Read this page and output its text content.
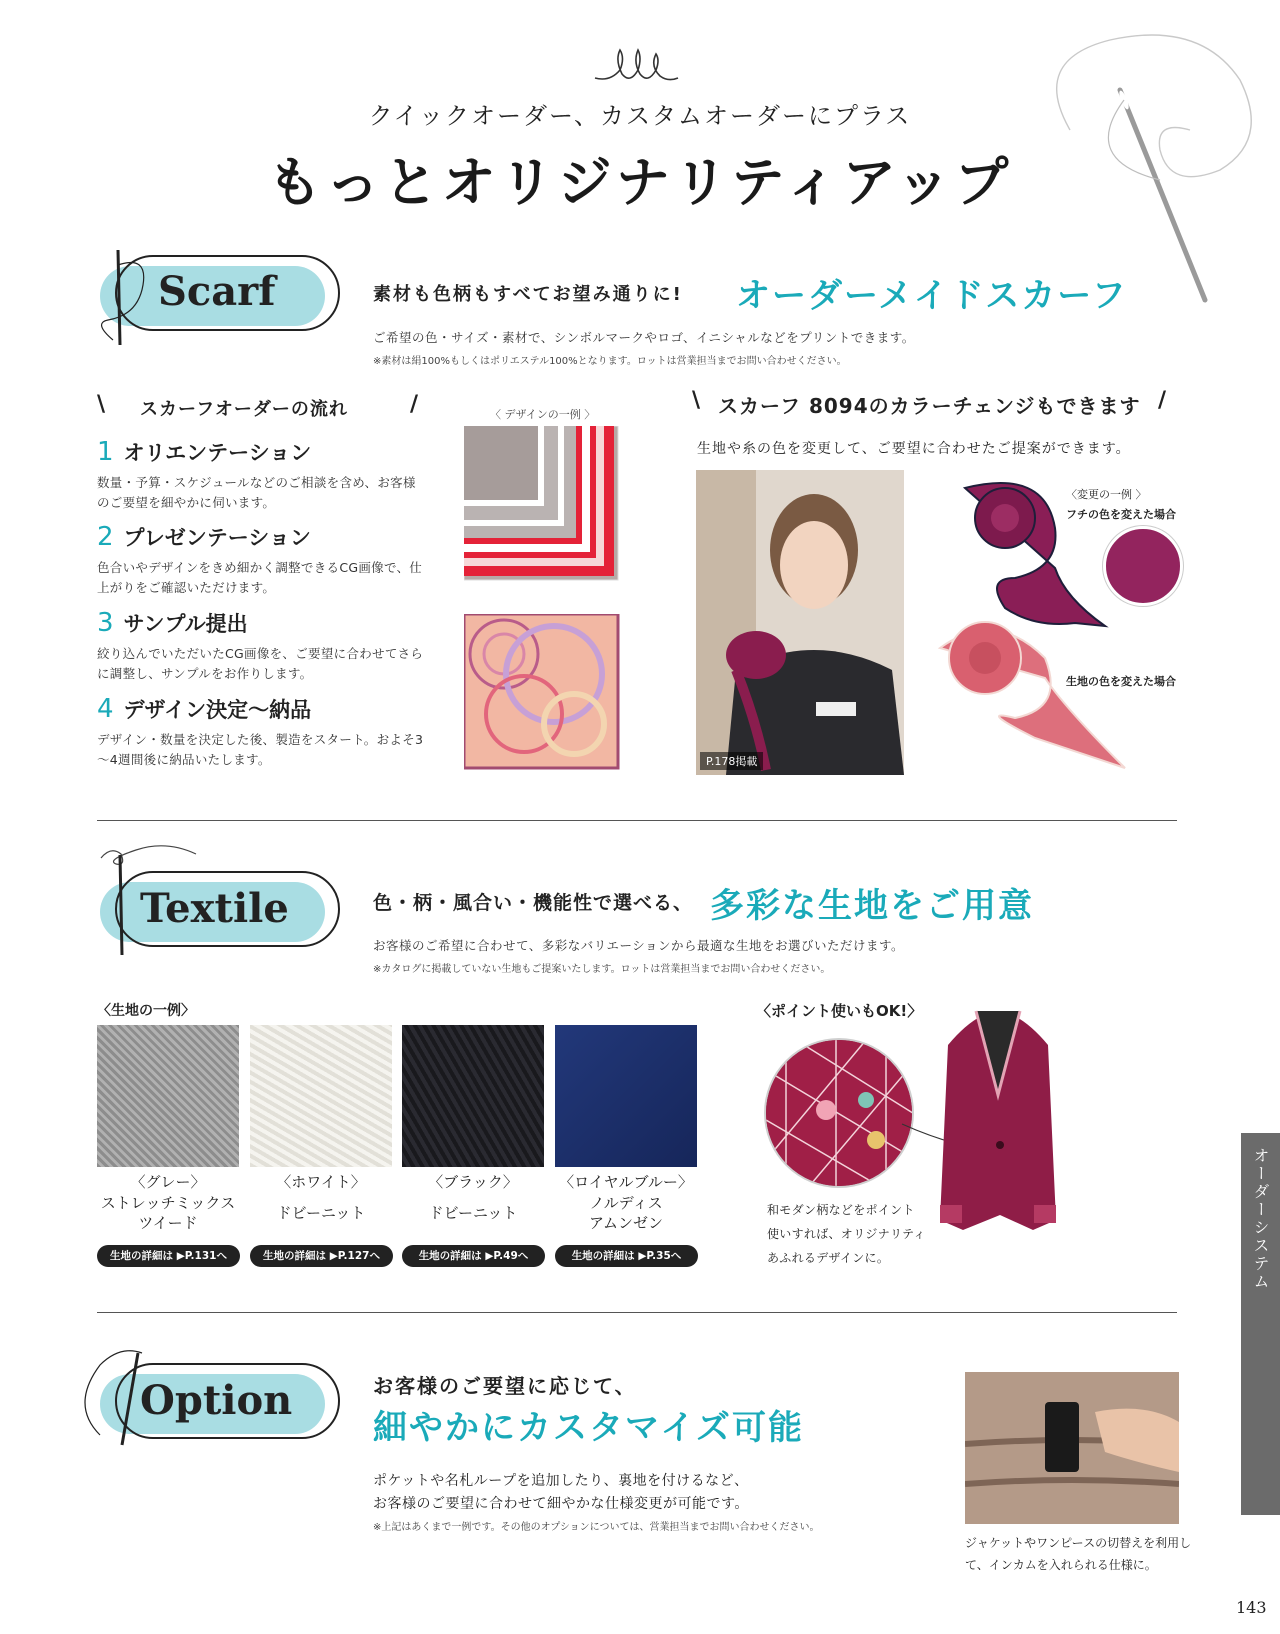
クイックオーダー、カスタムオーダーにプラス
もっとオリジナリティアップ
Scarf	素材も色柄もすべてお望み通りに! オーダーメイドスカーフ
ご希望の色・サイズ・素材で、シンボルマークやロゴ、イニシャルなどをプリントできます。
※素材は絹100%もしくはポリエステル100%となります。ロットは営業担当までお問い合わせください。
\ スカーフオーダーの流れ	/
1 オリエンテーション
数量・予算・スケジュールなどのご相談を含め、お客様のご要望を細やかに伺います。
2 プレゼンテーション
色合いやデザインをきめ細かく調整できるCG画像で、仕上がりをご確認いただけます。
3 サンプル提出
絞り込んでいただいたCG画像を、ご要望に合わせてさらに調整し、サンプルをお作りします。
4 デザイン決定～納品
デザイン・数量を決定した後、製造をスタート。およそ3～4週間後に納品いたします。
〈 デザインの一例 〉
\ スカーフ 8094のカラーチェンジもできます /
生地や糸の色を変更して、ご要望に合わせたご提案ができます。
P.178掲載
〈変更の一例 〉
フチの色を変えた場合
生地の色を変えた場合
Textile	色・柄・風合い・機能性で選べる、 多彩な生地をご用意
お客様のご希望に合わせて、多彩なバリエーションから最適な生地をお選びいただけます。
※カタログに掲載していない生地もご提案いたします。ロットは営業担当までお問い合わせください。
〈生地の一例〉
〈グレー〉
ストレッチミックス
ツイード
〈ホワイト〉
ドビーニット
〈ブラック〉
ドビーニット
〈ロイヤルブルー〉
ノルディス
アムンゼン
生地の詳細は ▶P.131へ	生地の詳細は ▶P.127へ	生地の詳細は ▶P.49へ	生地の詳細は ▶P.35へ
〈ポイント使いもOK!〉
和モダン柄などをポイント
使いすれば、オリジナリティ
あふれるデザインに。
Option	お客様のご要望に応じて、
細やかにカスタマイズ可能
ポケットや名札ループを追加したり、裏地を付けるなど、
お客様のご要望に合わせて細やかな仕様変更が可能です。
※上記はあくまで一例です。その他のオプションについては、営業担当までお問い合わせください。
ジャケットやワンピースの切替えを利用し
て、インカムを入れられる仕様に。
オーダーシステム
143
